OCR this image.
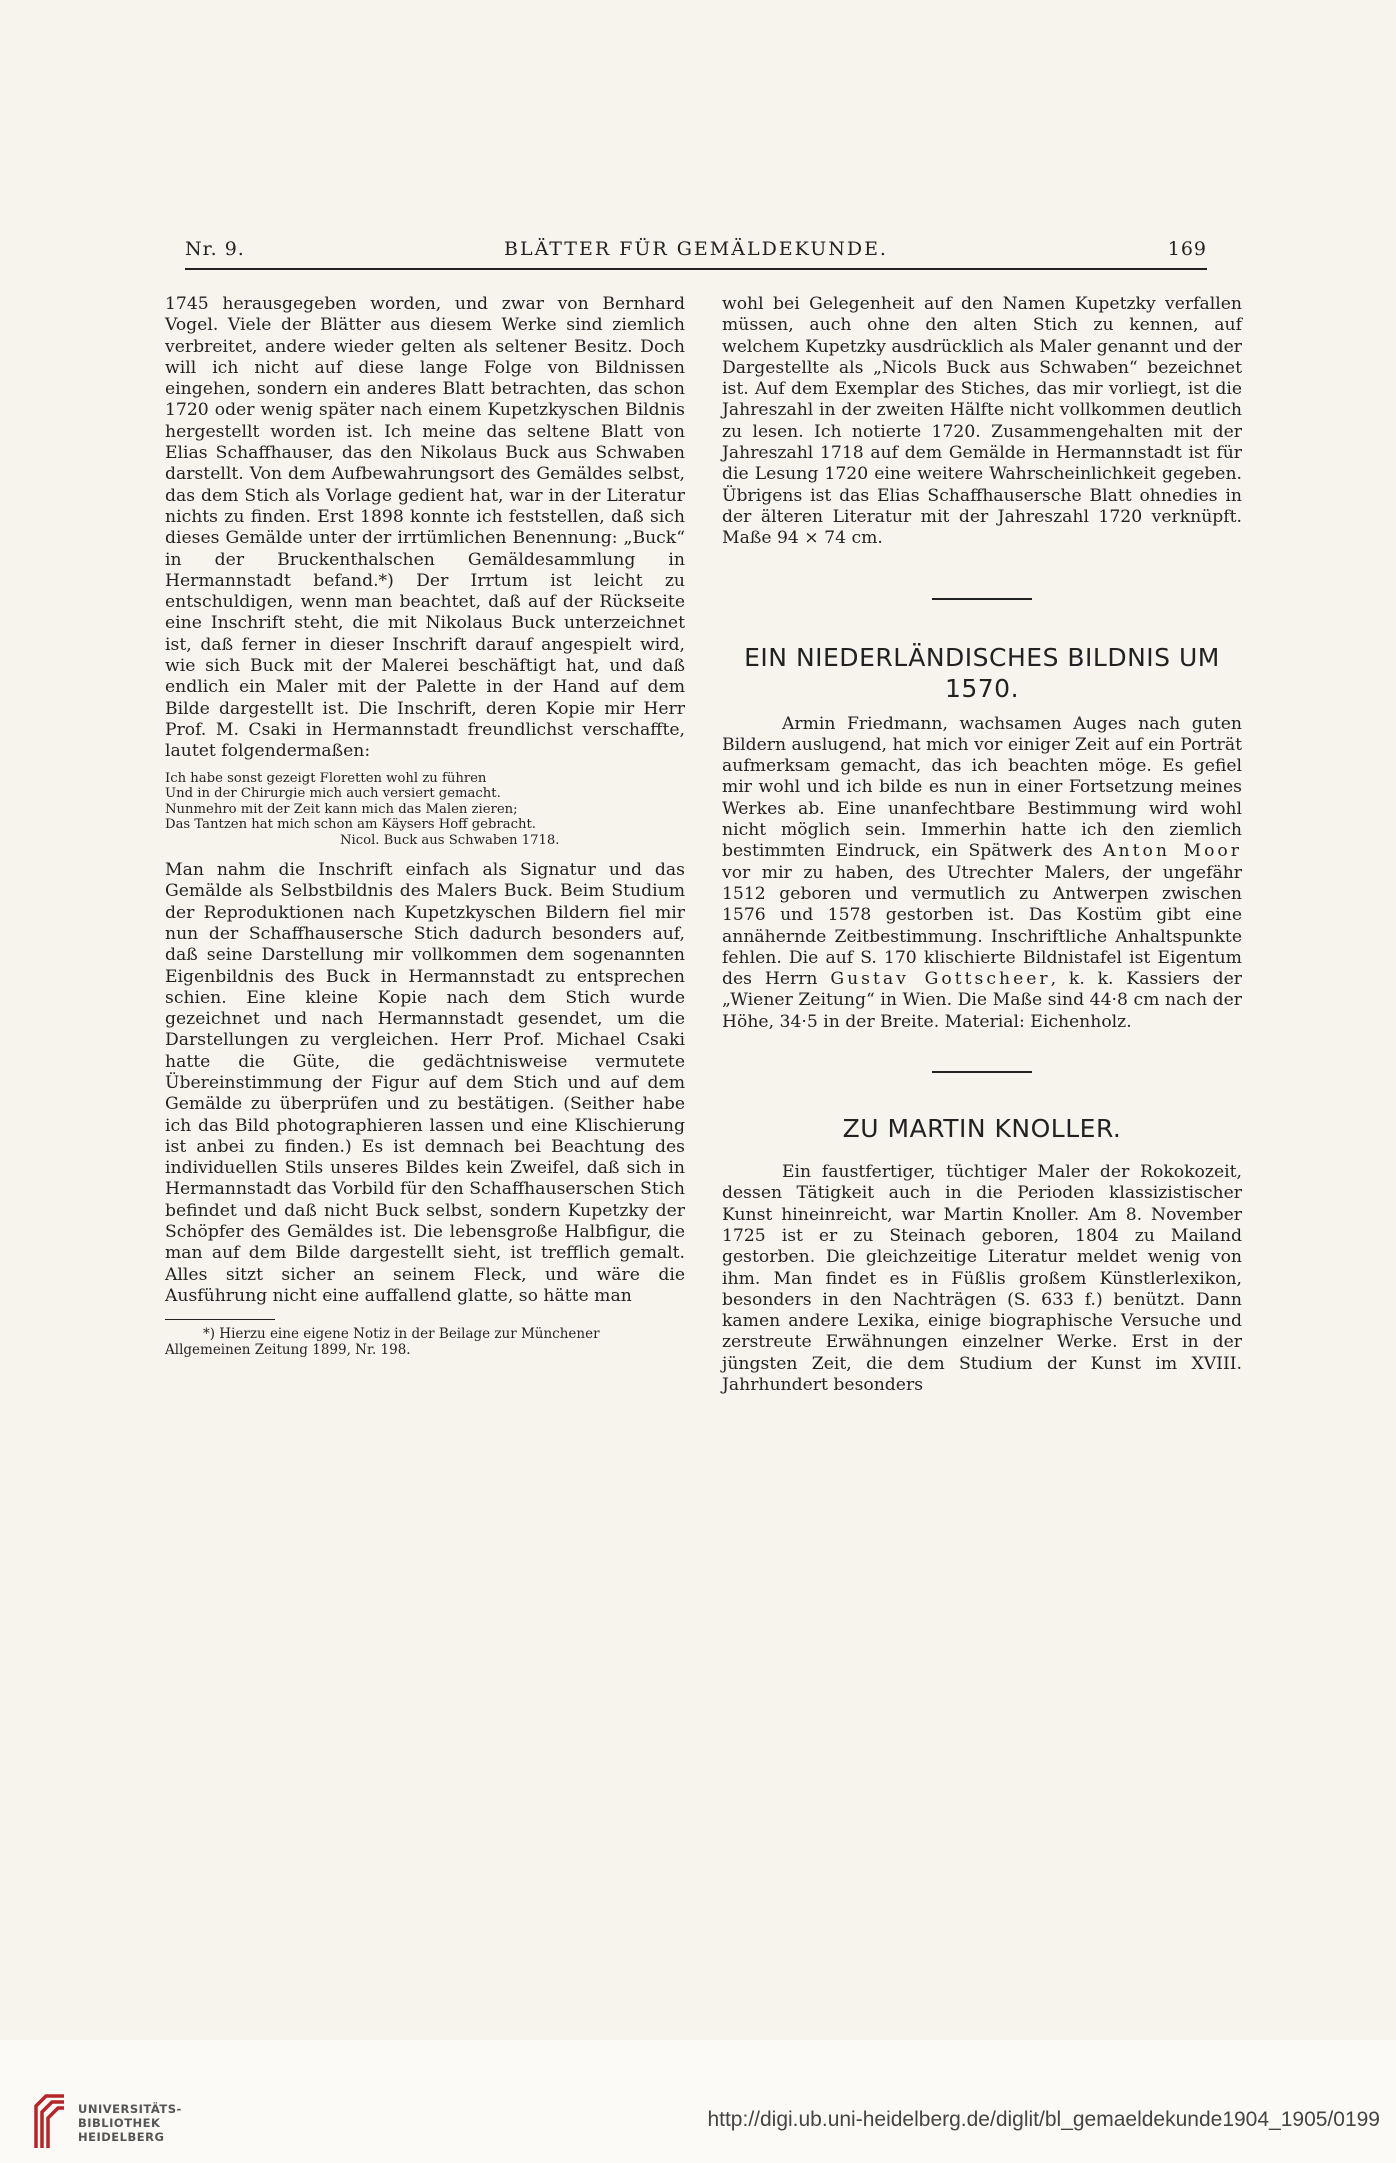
Nr. 9.	BLÄTTER FÜR GEMÄLDEKUNDE.	169

1745 herausgegeben worden, und zwar von Bernhard Vogel. Viele der Blätter aus diesem Werke sind ziemlich verbreitet, andere wieder gelten als seltener Besitz. Doch will ich nicht auf diese lange Folge von Bildnissen eingehen, sondern ein anderes Blatt betrachten, das schon 1720 oder wenig später nach einem Kupetzkyschen Bildnis hergestellt worden ist. Ich meine das seltene Blatt von Elias Schaffhauser, das den Nikolaus Buck aus Schwaben darstellt. Von dem Aufbewahrungsort des Gemäldes selbst, das dem Stich als Vorlage gedient hat, war in der Literatur nichts zu finden. Erst 1898 konnte ich feststellen, daß sich dieses Gemälde unter der irrtümlichen Benennung: „Buck“ in der Bruckenthalschen Gemäldesammlung in Hermannstadt befand.*) Der Irrtum ist leicht zu entschuldigen, wenn man beachtet, daß auf der Rückseite eine Inschrift steht, die mit Nikolaus Buck unterzeichnet ist, daß ferner in dieser Inschrift darauf angespielt wird, wie sich Buck mit der Malerei beschäftigt hat, und daß endlich ein Maler mit der Palette in der Hand auf dem Bilde dargestellt ist. Die Inschrift, deren Kopie mir Herr Prof. M. Csaki in Hermannstadt freundlichst verschaffte, lautet folgendermaßen:

Ich habe sonst gezeigt Floretten wohl zu führen
Und in der Chirurgie mich auch versiert gemacht.
Nunmehro mit der Zeit kann mich das Malen zieren;
Das Tantzen hat mich schon am Käysers Hoff gebracht.
Nicol. Buck aus Schwaben 1718.

Man nahm die Inschrift einfach als Signatur und das Gemälde als Selbstbildnis des Malers Buck. Beim Studium der Reproduktionen nach Kupetzkyschen Bildern fiel mir nun der Schaffhausersche Stich dadurch besonders auf, daß seine Darstellung mir vollkommen dem sogenannten Eigenbildnis des Buck in Hermannstadt zu entsprechen schien. Eine kleine Kopie nach dem Stich wurde gezeichnet und nach Hermannstadt gesendet, um die Darstellungen zu vergleichen. Herr Prof. Michael Csaki hatte die Güte, die gedächtnisweise vermutete Übereinstimmung der Figur auf dem Stich und auf dem Gemälde zu überprüfen und zu bestätigen. (Seither habe ich das Bild photographieren lassen und eine Klischierung ist anbei zu finden.) Es ist demnach bei Beachtung des individuellen Stils unseres Bildes kein Zweifel, daß sich in Hermannstadt das Vorbild für den Schaffhauserschen Stich befindet und daß nicht Buck selbst, sondern Kupetzky der Schöpfer des Gemäldes ist. Die lebensgroße Halbfigur, die man auf dem Bilde dargestellt sieht, ist trefflich gemalt. Alles sitzt sicher an seinem Fleck, und wäre die Ausführung nicht eine auffallend glatte, so hätte man

*) Hierzu eine eigene Notiz in der Beilage zur Münchener Allgemeinen Zeitung 1899, Nr. 198.

wohl bei Gelegenheit auf den Namen Kupetzky verfallen müssen, auch ohne den alten Stich zu kennen, auf welchem Kupetzky ausdrücklich als Maler genannt und der Dargestellte als „Nicols Buck aus Schwaben“ bezeichnet ist. Auf dem Exemplar des Stiches, das mir vorliegt, ist die Jahreszahl in der zweiten Hälfte nicht vollkommen deutlich zu lesen. Ich notierte 1720. Zusammengehalten mit der Jahreszahl 1718 auf dem Gemälde in Hermannstadt ist für die Lesung 1720 eine weitere Wahrscheinlichkeit gegeben. Übrigens ist das Elias Schaffhausersche Blatt ohnedies in der älteren Literatur mit der Jahreszahl 1720 verknüpft. Maße 94 × 74 cm.

EIN NIEDERLÄNDISCHES BILDNIS UM 1570.

Armin Friedmann, wachsamen Auges nach guten Bildern auslugend, hat mich vor einiger Zeit auf ein Porträt aufmerksam gemacht, das ich beachten möge. Es gefiel mir wohl und ich bilde es nun in einer Fortsetzung meines Werkes ab. Eine unanfechtbare Bestimmung wird wohl nicht möglich sein. Immerhin hatte ich den ziemlich bestimmten Eindruck, ein Spätwerk des Anton Moor vor mir zu haben, des Utrechter Malers, der ungefähr 1512 geboren und vermutlich zu Antwerpen zwischen 1576 und 1578 gestorben ist. Das Kostüm gibt eine annähernde Zeitbestimmung. Inschriftliche Anhaltspunkte fehlen. Die auf S. 170 klischierte Bildnistafel ist Eigentum des Herrn Gustav Gottscheer, k. k. Kassiers der „Wiener Zeitung“ in Wien. Die Maße sind 44·8 cm nach der Höhe, 34·5 in der Breite. Material: Eichenholz.

ZU MARTIN KNOLLER.

Ein faustfertiger, tüchtiger Maler der Rokokozeit, dessen Tätigkeit auch in die Perioden klassizistischer Kunst hineinreicht, war Martin Knoller. Am 8. November 1725 ist er zu Steinach geboren, 1804 zu Mailand gestorben. Die gleichzeitige Literatur meldet wenig von ihm. Man findet es in Füßlis großem Künstlerlexikon, besonders in den Nachträgen (S. 633 f.) benützt. Dann kamen andere Lexika, einige biographische Versuche und zerstreute Erwähnungen einzelner Werke. Erst in der jüngsten Zeit, die dem Studium der Kunst im XVIII. Jahrhundert besonders

UNIVERSITÄTS-
BIBLIOTHEK
HEIDELBERG
http://digi.ub.uni-heidelberg.de/diglit/bl_gemaeldekunde1904_1905/0199
